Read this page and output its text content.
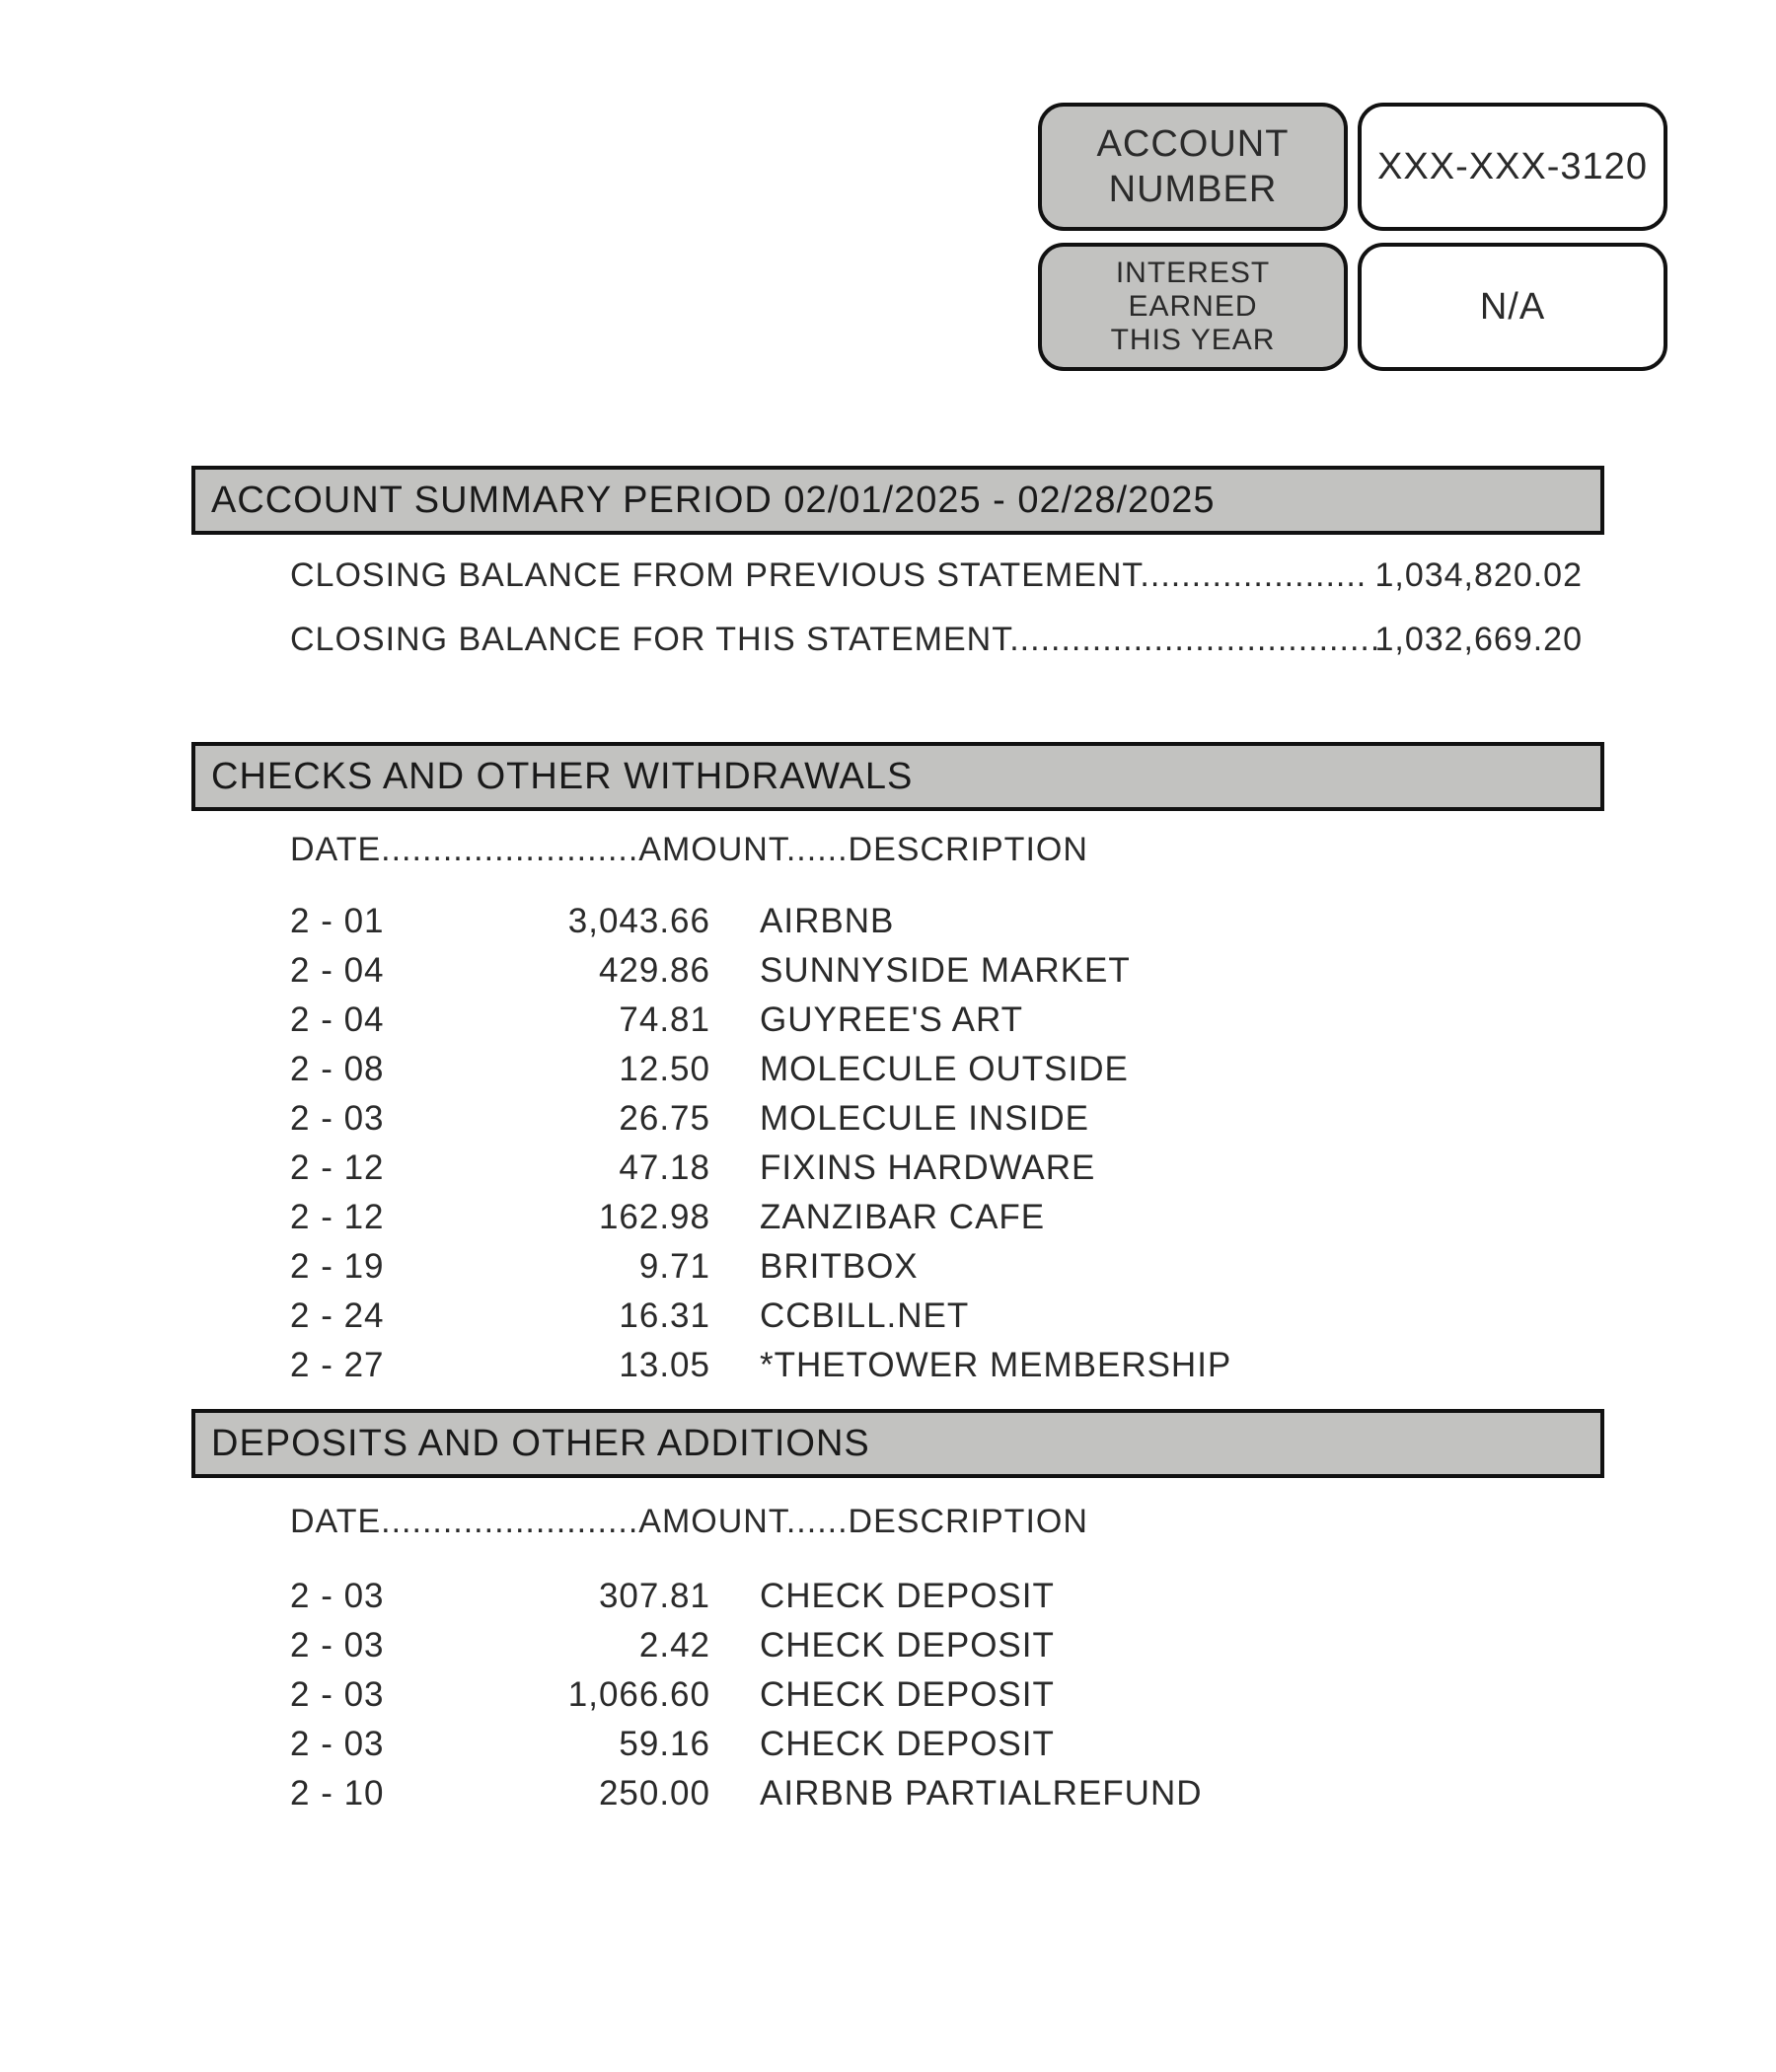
ACCOUNT
NUMBER
XXX-XXX-3120
INTEREST
EARNED
THIS YEAR
N/A
ACCOUNT SUMMARY PERIOD 02/01/2025 - 02/28/2025
CLOSING BALANCE FROM PREVIOUS STATEMENT...................... 1,034,820.02
CLOSING BALANCE FOR THIS STATEMENT....................................
1,032,669.20
CHECKS AND OTHER WITHDRAWALS
DATE.........................AMOUNT......DESCRIPTION
2 - 01	3,043.66 AIRBNB
2 - 04	429.86 SUNNYSIDE MARKET
2 - 04	74.81 GUYREE'S ART
2 - 08	12.50 MOLECULE OUTSIDE
2 - 03	26.75 MOLECULE INSIDE
2 - 12	47.18 FIXINS HARDWARE
2 - 12	162.98 ZANZIBAR CAFE
2 - 19	9.71 BRITBOX
2 - 24	16.31 CCBILL.NET
2 - 27	13.05 *THETOWER MEMBERSHIP
DEPOSITS AND OTHER ADDITIONS
DATE.........................AMOUNT......DESCRIPTION
2 - 03	307.81 CHECK DEPOSIT
2 - 03	2.42 CHECK DEPOSIT
2 - 03	1,066.60 CHECK DEPOSIT
2 - 03	59.16 CHECK DEPOSIT
2 - 10	250.00 AIRBNB PARTIALREFUND
